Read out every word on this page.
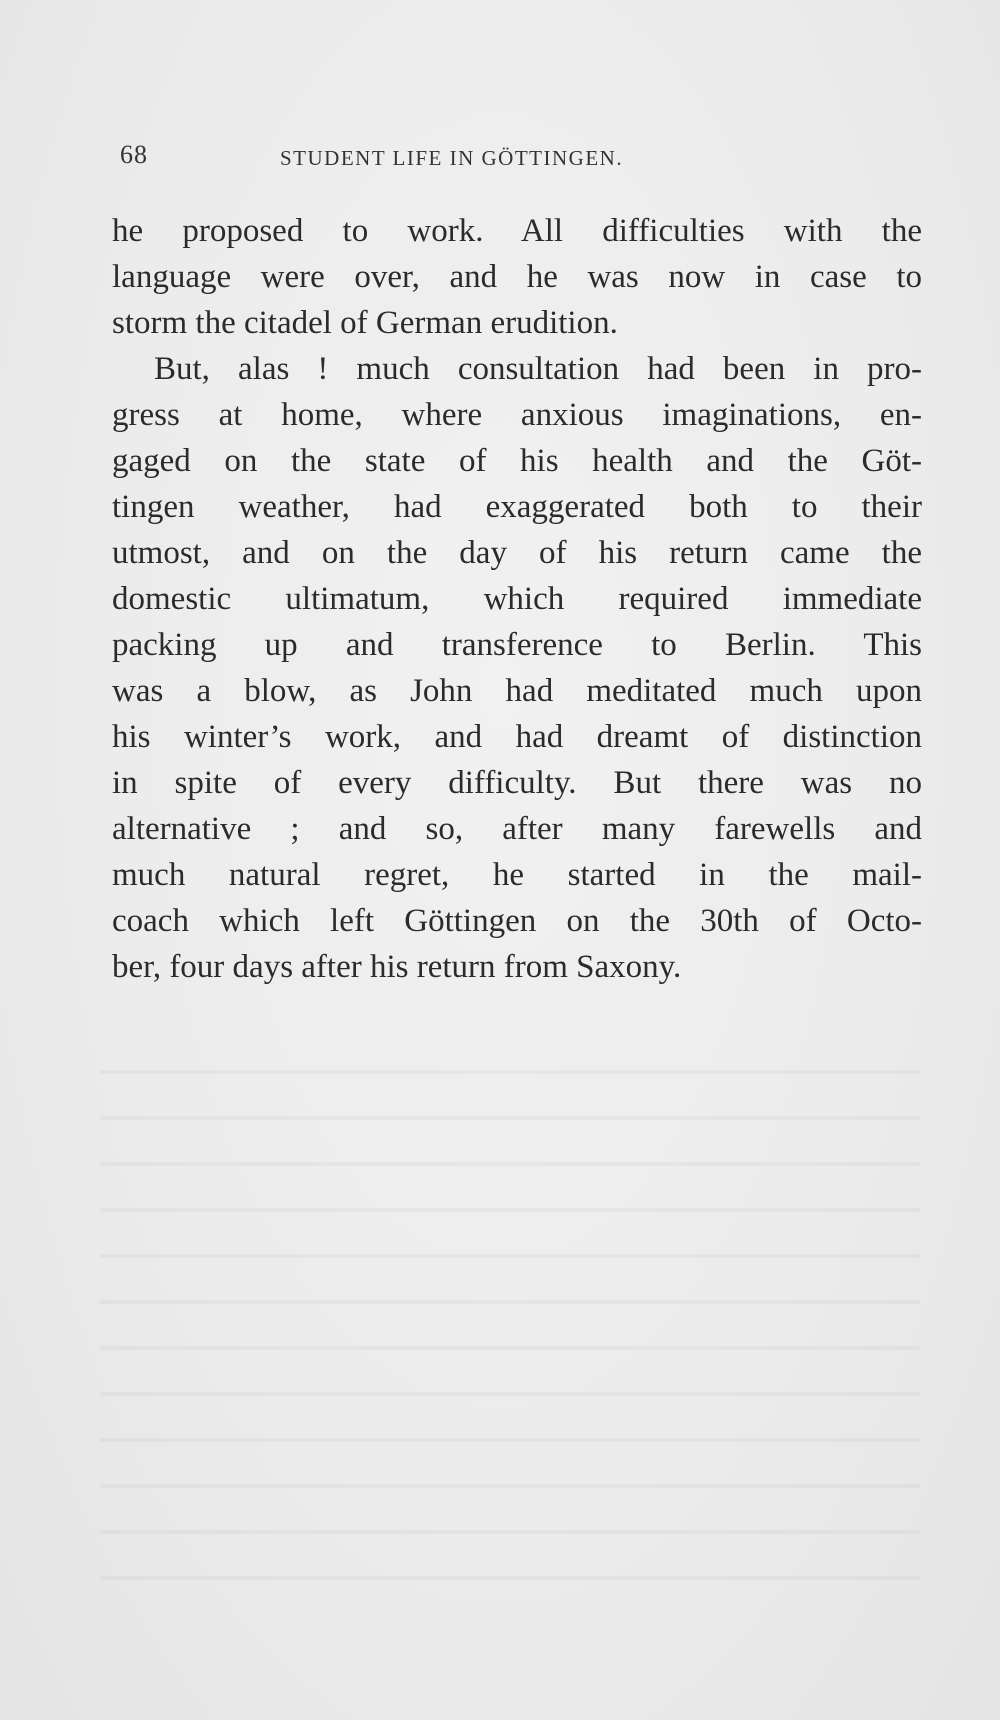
68	STUDENT LIFE IN GÖTTINGEN.
he proposed to work. All difficulties with the
language were over, and he was now in case to
storm the citadel of German erudition.
But, alas ! much consultation had been in pro-
gress at home, where anxious imaginations, en-
gaged on the state of his health and the Göt-
tingen weather, had exaggerated both to their
utmost, and on the day of his return came the
domestic ultimatum, which required immediate
packing up and transference to Berlin. This
was a blow, as John had meditated much upon
his winter’s work, and had dreamt of distinction
in spite of every difficulty. But there was no
alternative ; and so, after many farewells and
much natural regret, he started in the mail-
coach which left Göttingen on the 30th of Octo-
ber, four days after his return from Saxony.
